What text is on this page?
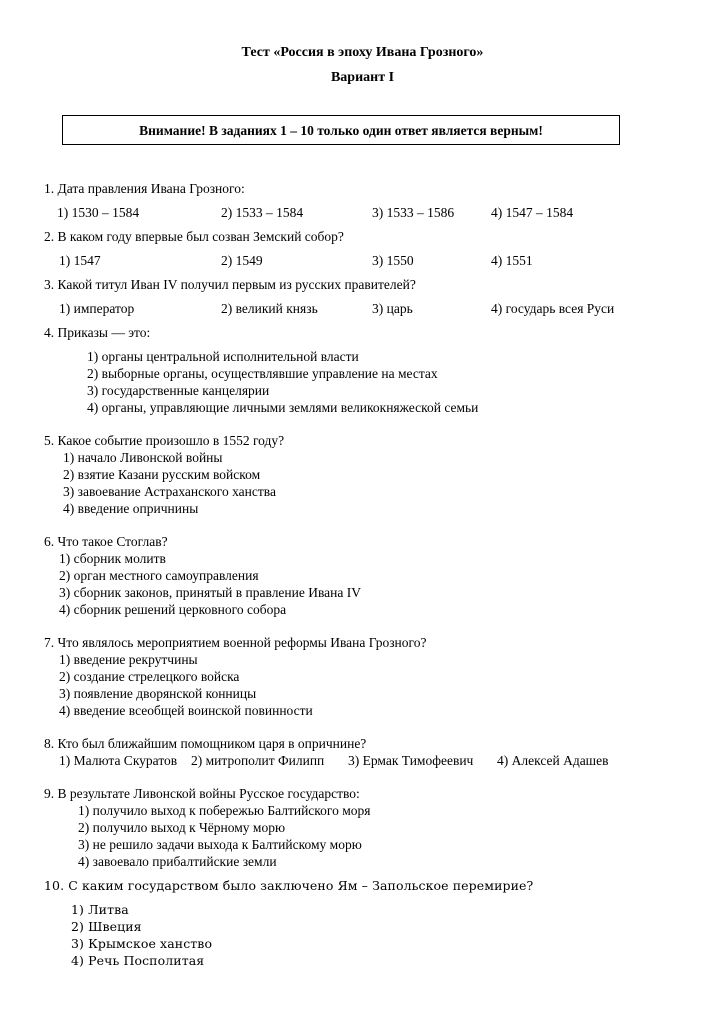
Тест «Россия в эпоху Ивана Грозного»
Вариант I
Внимание! В заданиях 1 – 10 только один ответ является верным!
1. Дата правления Ивана Грозного:
1) 1530 – 1584	2) 1533 – 1584	3) 1533 – 1586	4) 1547 – 1584
2. В каком году впервые был созван Земский собор?
1) 1547	2) 1549	3) 1550	4) 1551
3. Какой титул Иван IV получил первым из русских правителей?
1) император	2) великий князь	3) царь	4) государь всея Руси
4. Приказы — это:
1) органы центральной исполнительной власти
2) выборные органы, осуществлявшие управление на местах
3) государственные канцелярии
4) органы, управляющие личными землями великокняжеской семьи
5. Какое событие произошло в 1552 году?
1) начало Ливонской войны
2) взятие Казани русским войском
3) завоевание Астраханского ханства
4) введение опричнины
6. Что такое Стоглав?
1) сборник молитв
2) орган местного самоуправления
3) сборник законов, принятый в правление Ивана IV
4) сборник решений церковного собора
7. Что являлось мероприятием военной реформы Ивана Грозного?
1) введение рекрутчины
2) создание стрелецкого войска
3) появление дворянской конницы
4) введение всеобщей воинской повинности
8. Кто был ближайшим помощником царя в опричнине?
1) Малюта Скуратов 2) митрополит Филипп 3) Ермак Тимофеевич 4) Алексей Адашев
9. В результате Ливонской войны Русское государство:
1) получило выход к побережью Балтийского моря
2) получило выход к Чёрному морю
3) не решило задачи выхода к Балтийскому морю
4) завоевало прибалтийские земли
10. С каким государством было заключено Ям – Запольское перемирие?
1) Литва
2) Швеция
3) Крымское ханство
4) Речь Посполитая
